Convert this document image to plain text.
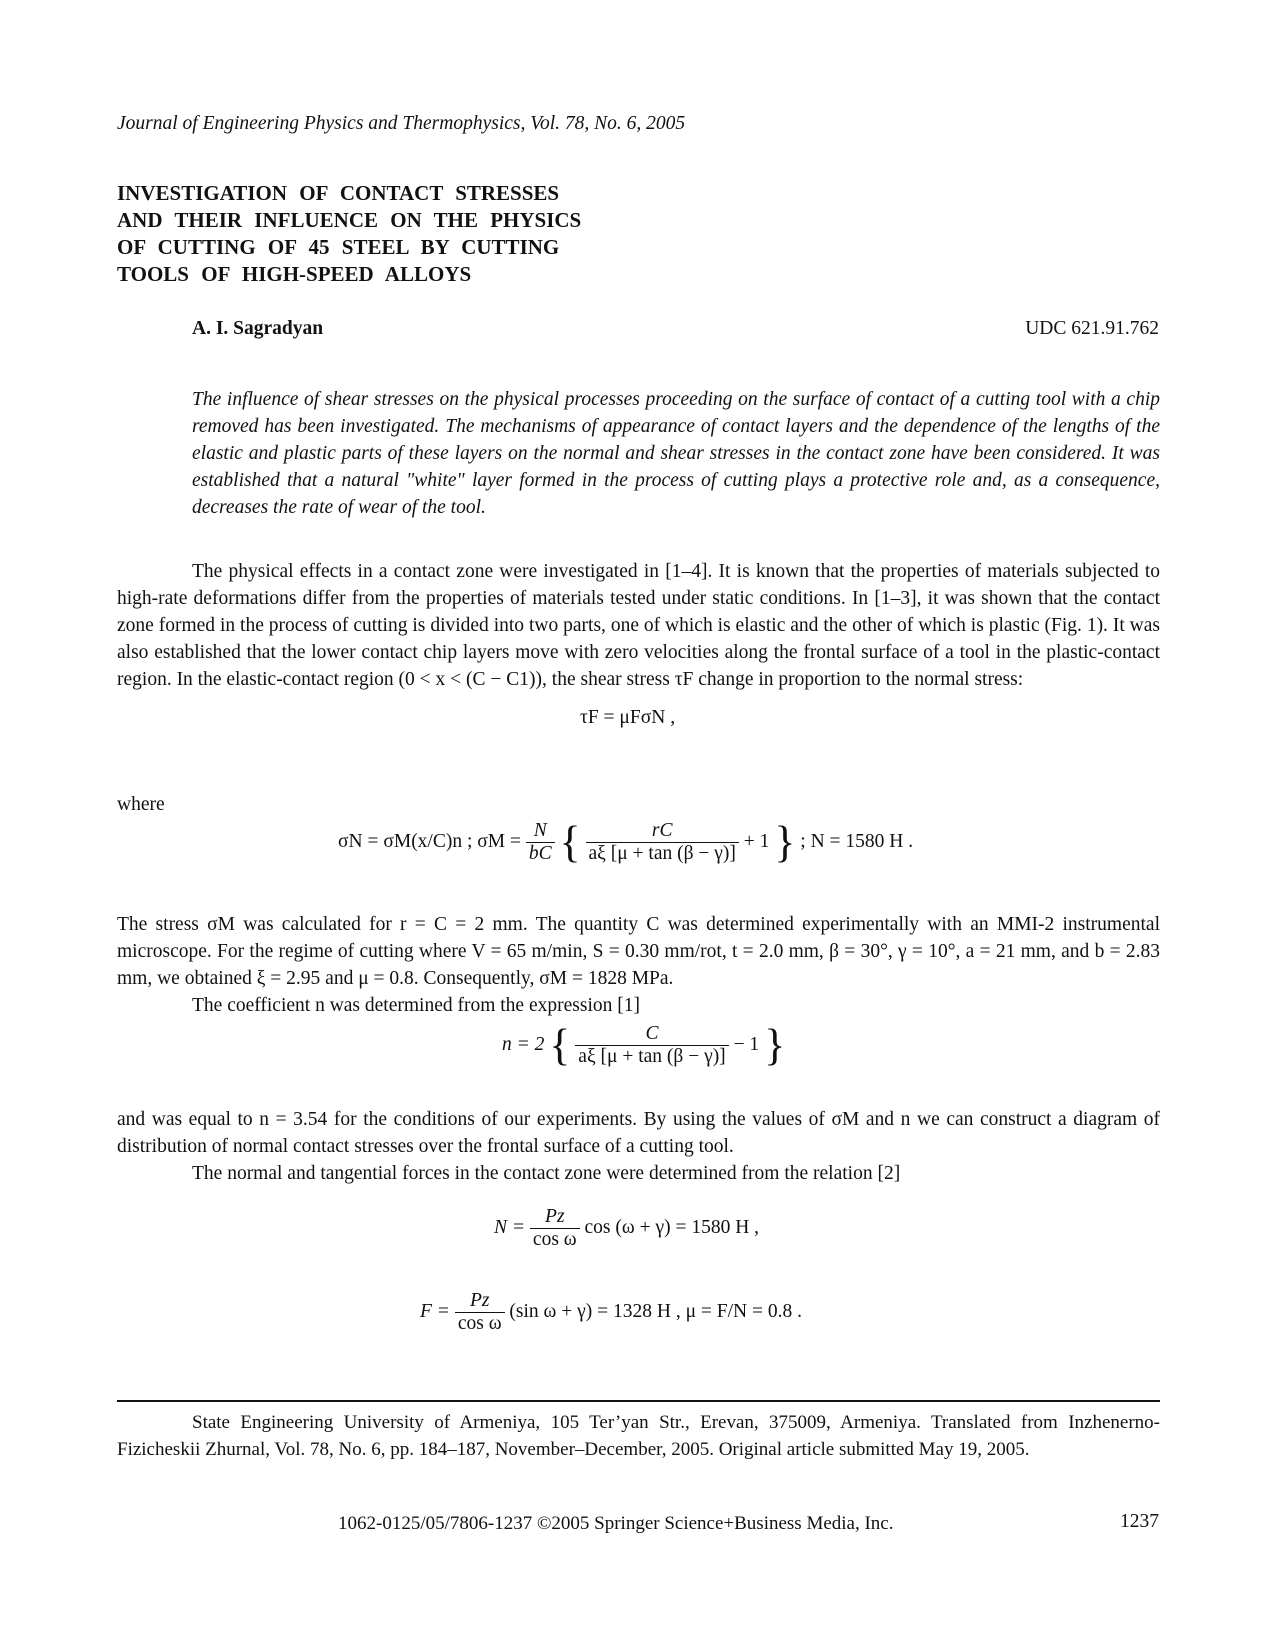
Journal of Engineering Physics and Thermophysics, Vol. 78, No. 6, 2005
INVESTIGATION OF CONTACT STRESSES
AND THEIR INFLUENCE ON THE PHYSICS
OF CUTTING OF 45 STEEL BY CUTTING
TOOLS OF HIGH-SPEED ALLOYS
A. I. Sagradyan	UDC 621.91.762
The influence of shear stresses on the physical processes proceeding on the surface of contact of a cutting tool with a chip removed has been investigated. The mechanisms of appearance of contact layers and the dependence of the lengths of the elastic and plastic parts of these layers on the normal and shear stresses in the contact zone have been considered. It was established that a natural "white" layer formed in the process of cutting plays a protective role and, as a consequence, decreases the rate of wear of the tool.

The physical effects in a contact zone were investigated in [1–4]. It is known that the properties of materials subjected to high-rate deformations differ from the properties of materials tested under static conditions. In [1–3], it was shown that the contact zone formed in the process of cutting is divided into two parts, one of which is elastic and the other of which is plastic (Fig. 1). It was also established that the lower contact chip layers move with zero velocities along the frontal surface of a tool in the plastic-contact region. In the elastic-contact region (0 < x < (C − C1)), the shear stress τF change in proportion to the normal stress:

τF = μFσN ,
where
σN = σM(x/C)n ; $\sigma M = \frac{N}{bC}$ { $\frac{rC}{a\xi [\mu + \tan (\beta - \gamma)]} + 1$ } ; N = 1580 H .

The stress σM was calculated for r = C = 2 mm. The quantity C was determined experimentally with an MMI-2 instrumental microscope. For the regime of cutting where V = 65 m/min, S = 0.30 mm/rot, t = 2.0 mm, β = 30°, γ = 10°, a = 21 mm, and b = 2.83 mm, we obtained ξ = 2.95 and μ = 0.8. Consequently, σM = 1828 MPa.

The coefficient n was determined from the expression [1]

n = 2 { $\frac{C}{a\xi [\mu + \tan (\beta - \gamma)]} - 1$ }

and was equal to n = 3.54 for the conditions of our experiments. By using the values of σM and n we can construct a diagram of distribution of normal contact stresses over the frontal surface of a cutting tool.

The normal and tangential forces in the contact zone were determined from the relation [2]

$N = \frac{Pz}{\text{cos ω}}$ cos (ω + γ) = 1580 H ,
$F = \frac{Pz}{\text{cos ω}} (\sin$ ω + γ) = 1328 H , μ = F/N = 0.8 .
State Engineering University of Armeniya, 105 Ter’yan Str., Erevan, 375009, Armeniya. Translated from Inzhenerno-Fizicheskii Zhurnal, Vol. 78, No. 6, pp. 184–187, November–December, 2005. Original article submitted May 19, 2005.
1062-0125/05/7806-1237 ©2005 Springer Science+Business Media, Inc.	1237
